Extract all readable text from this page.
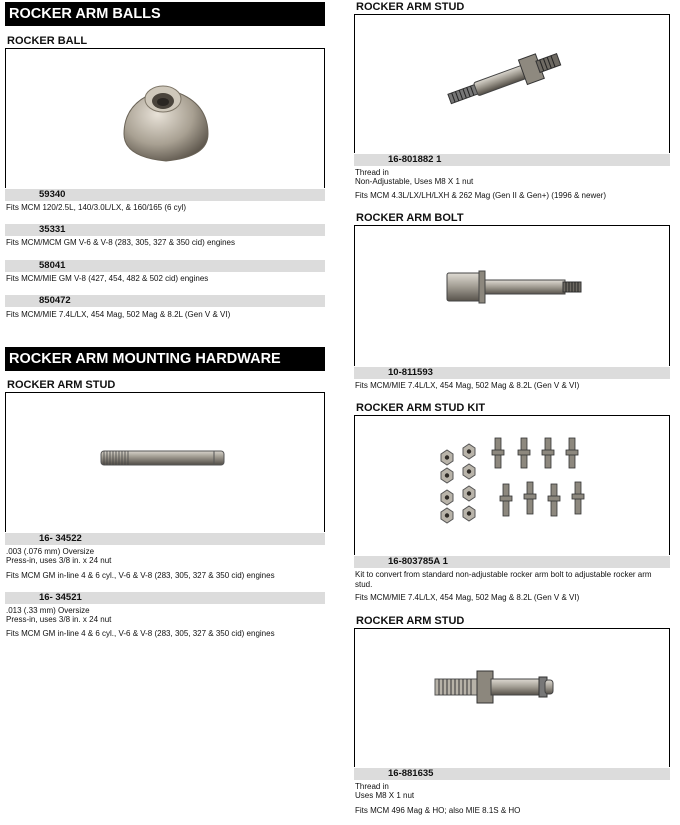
ROCKER ARM BALLS
ROCKER BALL
59340
Fits MCM 120/2.5L, 140/3.0L/LX, & 160/165 (6 cyl)
35331
Fits MCM/MCM GM V-6 & V-8 (283, 305, 327 & 350 cid) engines
58041
Fits MCM/MIE GM V-8 (427, 454, 482 & 502 cid) engines
850472
Fits MCM/MIE 7.4L/LX, 454 Mag, 502 Mag & 8.2L (Gen V & VI)
ROCKER ARM MOUNTING HARDWARE
ROCKER ARM STUD
16- 34522
.003 (.076 mm) Oversize
Press-in, uses 3/8 in. x 24 nut
Fits MCM GM in-line 4 & 6 cyl., V-6 & V-8 (283, 305, 327 & 350 cid) engines
16- 34521
.013 (.33 mm) Oversize
Press-in, uses 3/8 in. x 24 nut
Fits MCM GM in-line 4 & 6 cyl., V-6 & V-8 (283, 305, 327 & 350 cid) engines
ROCKER ARM STUD
16-801882 1
Thread in
Non-Adjustable, Uses M8 X 1 nut
Fits MCM 4.3L/LX/LH/LXH & 262 Mag (Gen II & Gen+) (1996 & newer)
ROCKER ARM BOLT
10-811593
Fits MCM/MIE 7.4L/LX, 454 Mag, 502 Mag & 8.2L (Gen V & VI)
ROCKER ARM STUD KIT
16-803785A 1
Kit to convert from standard non-adjustable rocker arm bolt to adjustable rocker arm stud.
Fits MCM/MIE 7.4L/LX, 454 Mag, 502 Mag & 8.2L (Gen V & VI)
ROCKER ARM STUD
16-881635
Thread in
Uses M8 X 1 nut
Fits MCM 496 Mag & HO; also MIE 8.1S & HO
